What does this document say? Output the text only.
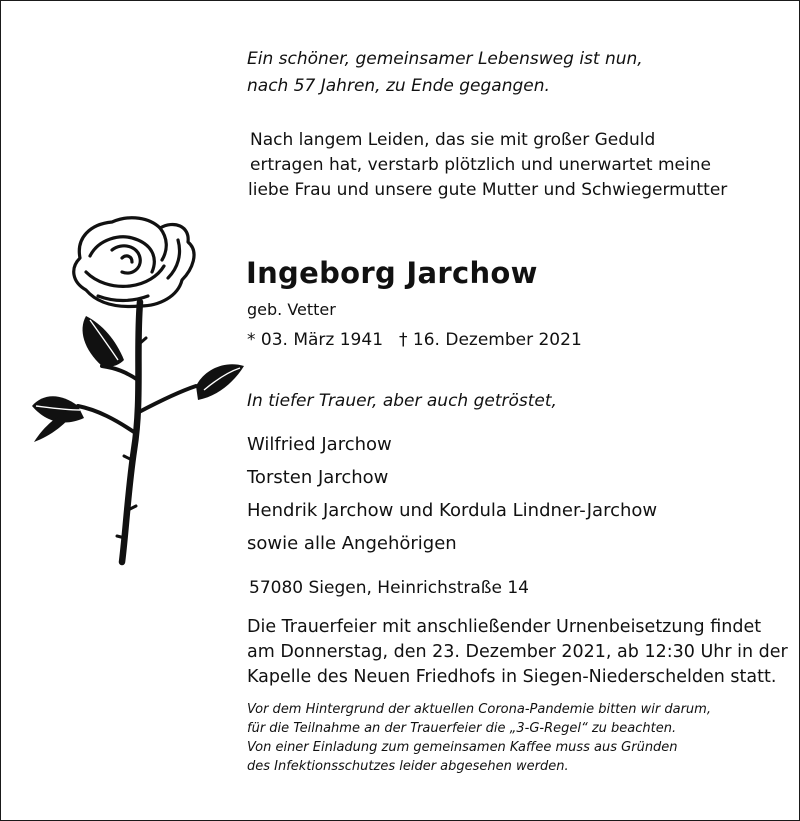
Ein schöner, gemeinsamer Lebensweg ist nun,
nach 57 Jahren, zu Ende gegangen.
Nach langem Leiden, das sie mit großer Geduld
ertragen hat, verstarb plötzlich und unerwartet meine
liebe Frau und unsere gute Mutter und Schwiegermutter
Ingeborg Jarchow
geb. Vetter
* 03. März 1941 † 16. Dezember 2021
In tiefer Trauer, aber auch getröstet,
Wilfried Jarchow
Torsten Jarchow
Hendrik Jarchow und Kordula Lindner-Jarchow
sowie alle Angehörigen
57080 Siegen, Heinrichstraße 14
Die Trauerfeier mit anschließender Urnenbeisetzung findet
am Donnerstag, den 23. Dezember 2021, ab 12:30 Uhr in der
Kapelle des Neuen Friedhofs in Siegen-Niederschelden statt.
Vor dem Hintergrund der aktuellen Corona-Pandemie bitten wir darum,
für die Teilnahme an der Trauerfeier die „3-G-Regel“ zu beachten.
Von einer Einladung zum gemeinsamen Kaffee muss aus Gründen
des Infektionsschutzes leider abgesehen werden.
